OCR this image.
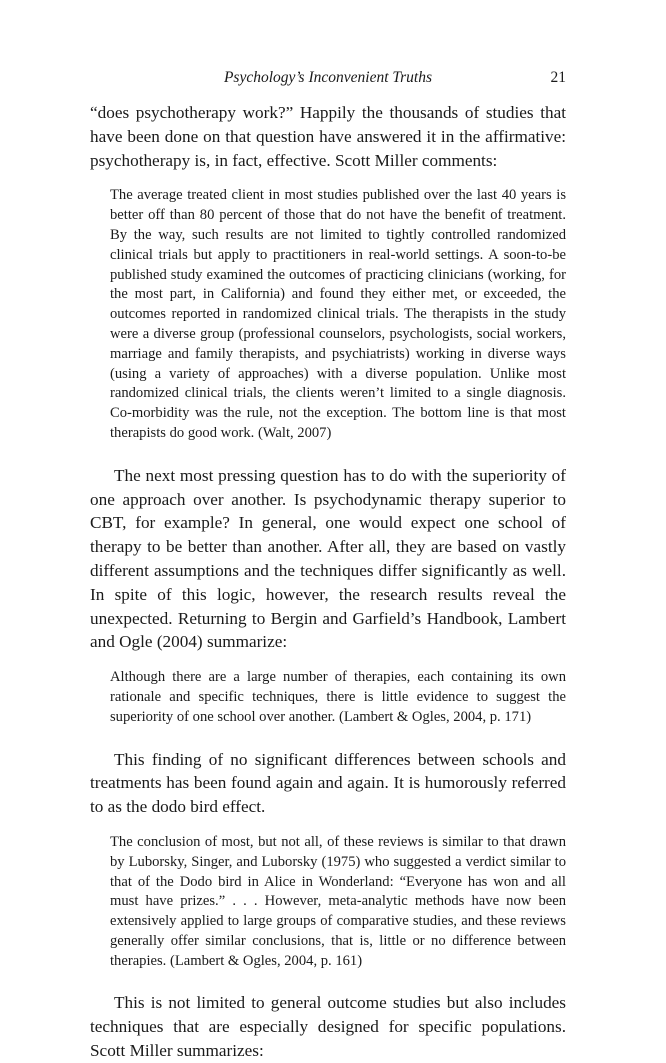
Psychology’s Inconvenient Truths	21

“does psychotherapy work?” Happily the thousands of studies that have been done on that question have answered it in the affirmative: psychotherapy is, in fact, effective. Scott Miller comments:

The average treated client in most studies published over the last 40 years is better off than 80 percent of those that do not have the benefit of treatment. By the way, such results are not limited to tightly controlled randomized clinical trials but apply to practitioners in real-world settings. A soon-to-be published study examined the outcomes of practicing clinicians (working, for the most part, in California) and found they either met, or exceeded, the outcomes reported in randomized clinical trials. The therapists in the study were a diverse group (professional counselors, psychologists, social workers, marriage and family therapists, and psychiatrists) working in diverse ways (using a variety of approaches) with a diverse population. Unlike most randomized clinical trials, the clients weren’t limited to a single diagnosis. Co-morbidity was the rule, not the exception. The bottom line is that most therapists do good work. (Walt, 2007)

The next most pressing question has to do with the superiority of one approach over another. Is psychodynamic therapy superior to CBT, for example? In general, one would expect one school of therapy to be better than another. After all, they are based on vastly different assumptions and the techniques differ significantly as well. In spite of this logic, however, the research results reveal the unexpected. Returning to Bergin and Garfield’s Handbook, Lambert and Ogle (2004) summarize:

Although there are a large number of therapies, each containing its own rationale and specific techniques, there is little evidence to suggest the superiority of one school over another. (Lambert & Ogles, 2004, p. 171)

This finding of no significant differences between schools and treatments has been found again and again. It is humorously referred to as the dodo bird effect.

The conclusion of most, but not all, of these reviews is similar to that drawn by Luborsky, Singer, and Luborsky (1975) who suggested a verdict similar to that of the Dodo bird in Alice in Wonderland: “Everyone has won and all must have prizes.” . . . However, meta-analytic methods have now been extensively applied to large groups of comparative studies, and these reviews generally offer similar conclusions, that is, little or no difference between therapies. (Lambert & Ogles, 2004, p. 161)

This is not limited to general outcome studies but also includes techniques that are especially designed for specific populations. Scott Miller summarizes:
